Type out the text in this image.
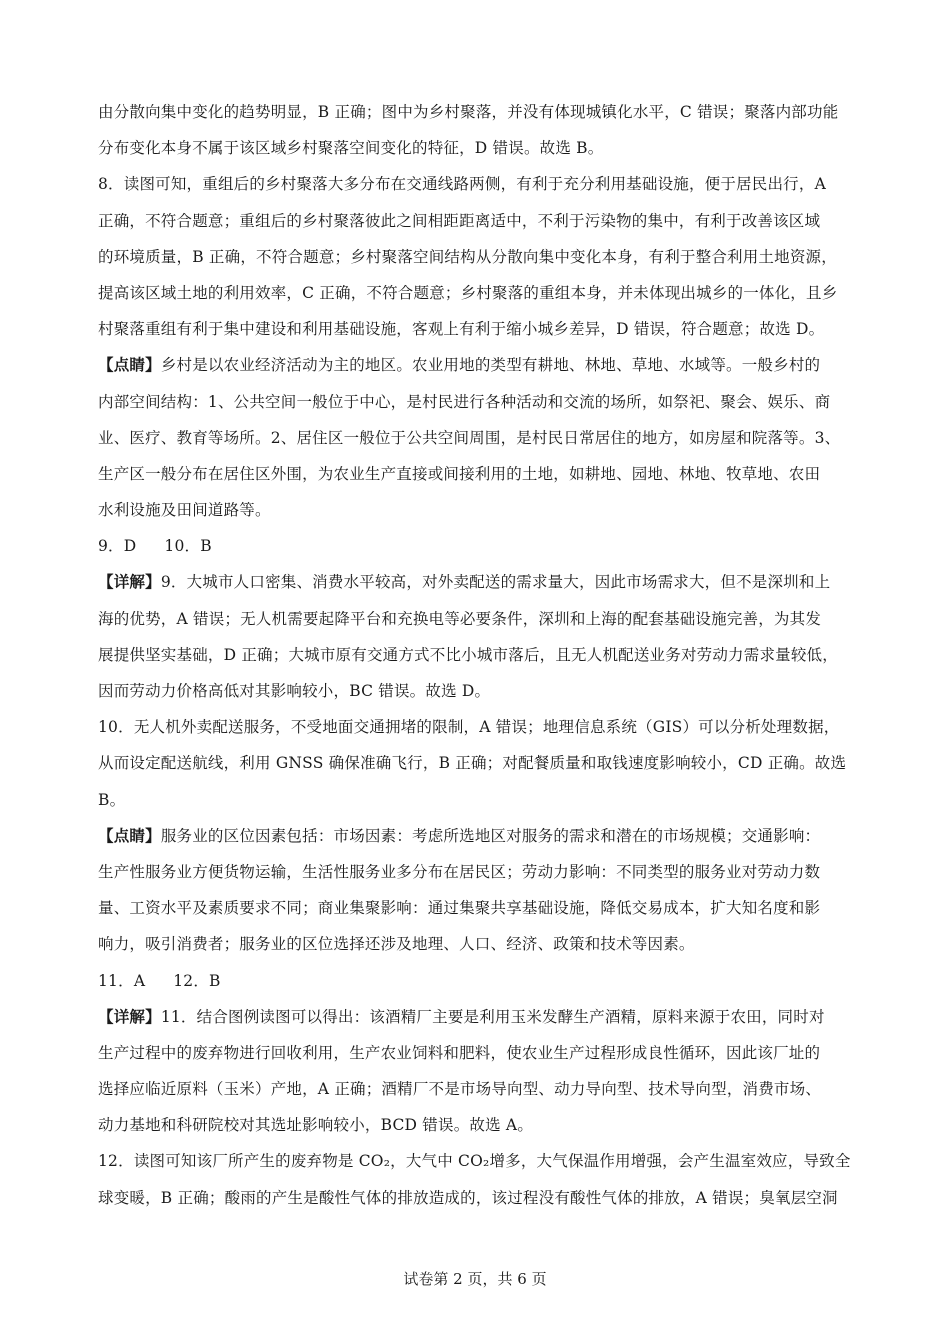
由分散向集中变化的趋势明显，B 正确；图中为乡村聚落，并没有体现城镇化水平，C 错误；聚落内部功能
分布变化本身不属于该区域乡村聚落空间变化的特征，D 错误。故选 B。
8．读图可知，重组后的乡村聚落大多分布在交通线路两侧，有利于充分利用基础设施，便于居民出行，A
正确，不符合题意；重组后的乡村聚落彼此之间相距距离适中，不利于污染物的集中，有利于改善该区域
的环境质量，B 正确，不符合题意；乡村聚落空间结构从分散向集中变化本身，有利于整合利用土地资源，
提高该区域土地的利用效率，C 正确，不符合题意；乡村聚落的重组本身，并未体现出城乡的一体化，且乡
村聚落重组有利于集中建设和利用基础设施，客观上有利于缩小城乡差异，D 错误，符合题意；故选 D。
【点睛】乡村是以农业经济活动为主的地区。农业用地的类型有耕地、林地、草地、水域等。一般乡村的
内部空间结构：1、公共空间一般位于中心，是村民进行各种活动和交流的场所，如祭祀、聚会、娱乐、商
业、医疗、教育等场所。2、居住区一般位于公共空间周围，是村民日常居住的地方，如房屋和院落等。3、
生产区一般分布在居住区外围，为农业生产直接或间接利用的土地，如耕地、园地、林地、牧草地、农田
水利设施及田间道路等。
9．D 10．B
【详解】9．大城市人口密集、消费水平较高，对外卖配送的需求量大，因此市场需求大，但不是深圳和上
海的优势，A 错误；无人机需要起降平台和充换电等必要条件，深圳和上海的配套基础设施完善，为其发
展提供坚实基础，D 正确；大城市原有交通方式不比小城市落后，且无人机配送业务对劳动力需求量较低，
因而劳动力价格高低对其影响较小，BC 错误。故选 D。
10．无人机外卖配送服务，不受地面交通拥堵的限制，A 错误；地理信息系统（GIS）可以分析处理数据，
从而设定配送航线，利用 GNSS 确保准确飞行，B 正确；对配餐质量和取钱速度影响较小，CD 正确。故选
B。
【点睛】服务业的区位因素包括：市场因素：考虑所选地区对服务的需求和潜在的市场规模；交通影响：
生产性服务业方便货物运输，生活性服务业多分布在居民区；劳动力影响：不同类型的服务业对劳动力数
量、工资水平及素质要求不同；商业集聚影响：通过集聚共享基础设施，降低交易成本，扩大知名度和影
响力，吸引消费者；服务业的区位选择还涉及地理、人口、经济、政策和技术等因素。
11．A 12．B
【详解】11．结合图例读图可以得出：该酒精厂主要是利用玉米发酵生产酒精，原料来源于农田，同时对
生产过程中的废弃物进行回收利用，生产农业饲料和肥料，使农业生产过程形成良性循环，因此该厂址的
选择应临近原料（玉米）产地，A 正确；酒精厂不是市场导向型、动力导向型、技术导向型，消费市场、
动力基地和科研院校对其选址影响较小，BCD 错误。故选 A。
12．读图可知该厂所产生的废弃物是 CO₂，大气中 CO₂增多，大气保温作用增强，会产生温室效应，导致全
球变暖，B 正确；酸雨的产生是酸性气体的排放造成的，该过程没有酸性气体的排放，A 错误；臭氧层空洞
试卷第 2 页，共 6 页
